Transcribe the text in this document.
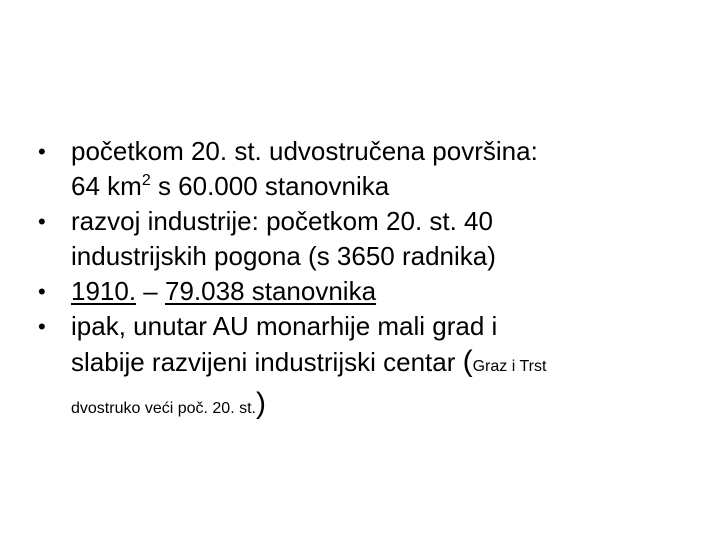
• početkom 20. st. udvostručena površina:
64 $km^2$ s 60.000 stanovnika
• razvoj industrije: početkom 20. st. 40
industrijskih pogona (s 3650 radnika)
• 1910. – 79.038 stanovnika
• ipak, unutar AU monarhije mali grad i
slabije razvijeni industrijski centar (Graz i Trst
dvostruko veći poč. 20. st.)
